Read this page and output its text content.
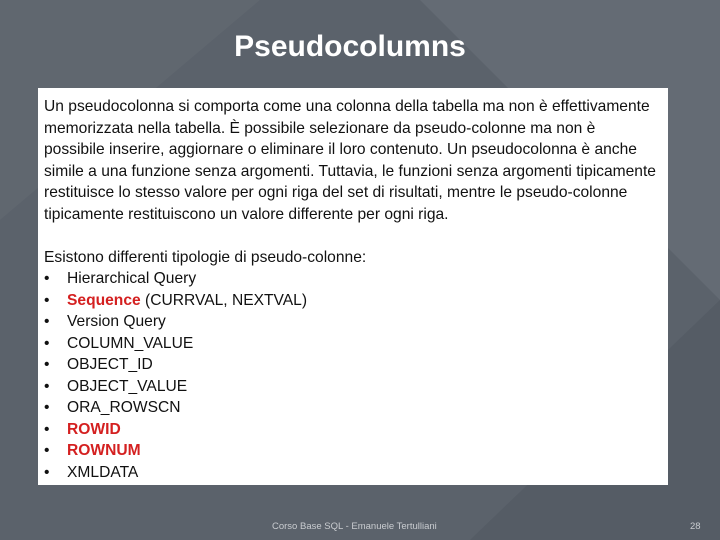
Pseudocolumns

Un pseudocolonna si comporta come una colonna della tabella ma non è effettivamente memorizzata nella tabella. È possibile selezionare da pseudo-colonne ma non è possibile inserire, aggiornare o eliminare il loro contenuto. Un pseudocolonna è anche simile a una funzione senza argomenti. Tuttavia, le funzioni senza argomenti tipicamente restituisce lo stesso valore per ogni riga del set di risultati, mentre le pseudo-colonne tipicamente restituiscono un valore differente per ogni riga.

Esistono differenti tipologie di pseudo-colonne:

• Hierarchical Query
• Sequence (CURRVAL, NEXTVAL)
• Version Query
• COLUMN_VALUE
• OBJECT_ID
• OBJECT_VALUE
• ORA_ROWSCN
• ROWID
• ROWNUM
• XMLDATA
Corso Base SQL - Emanuele Tertulliani	28
